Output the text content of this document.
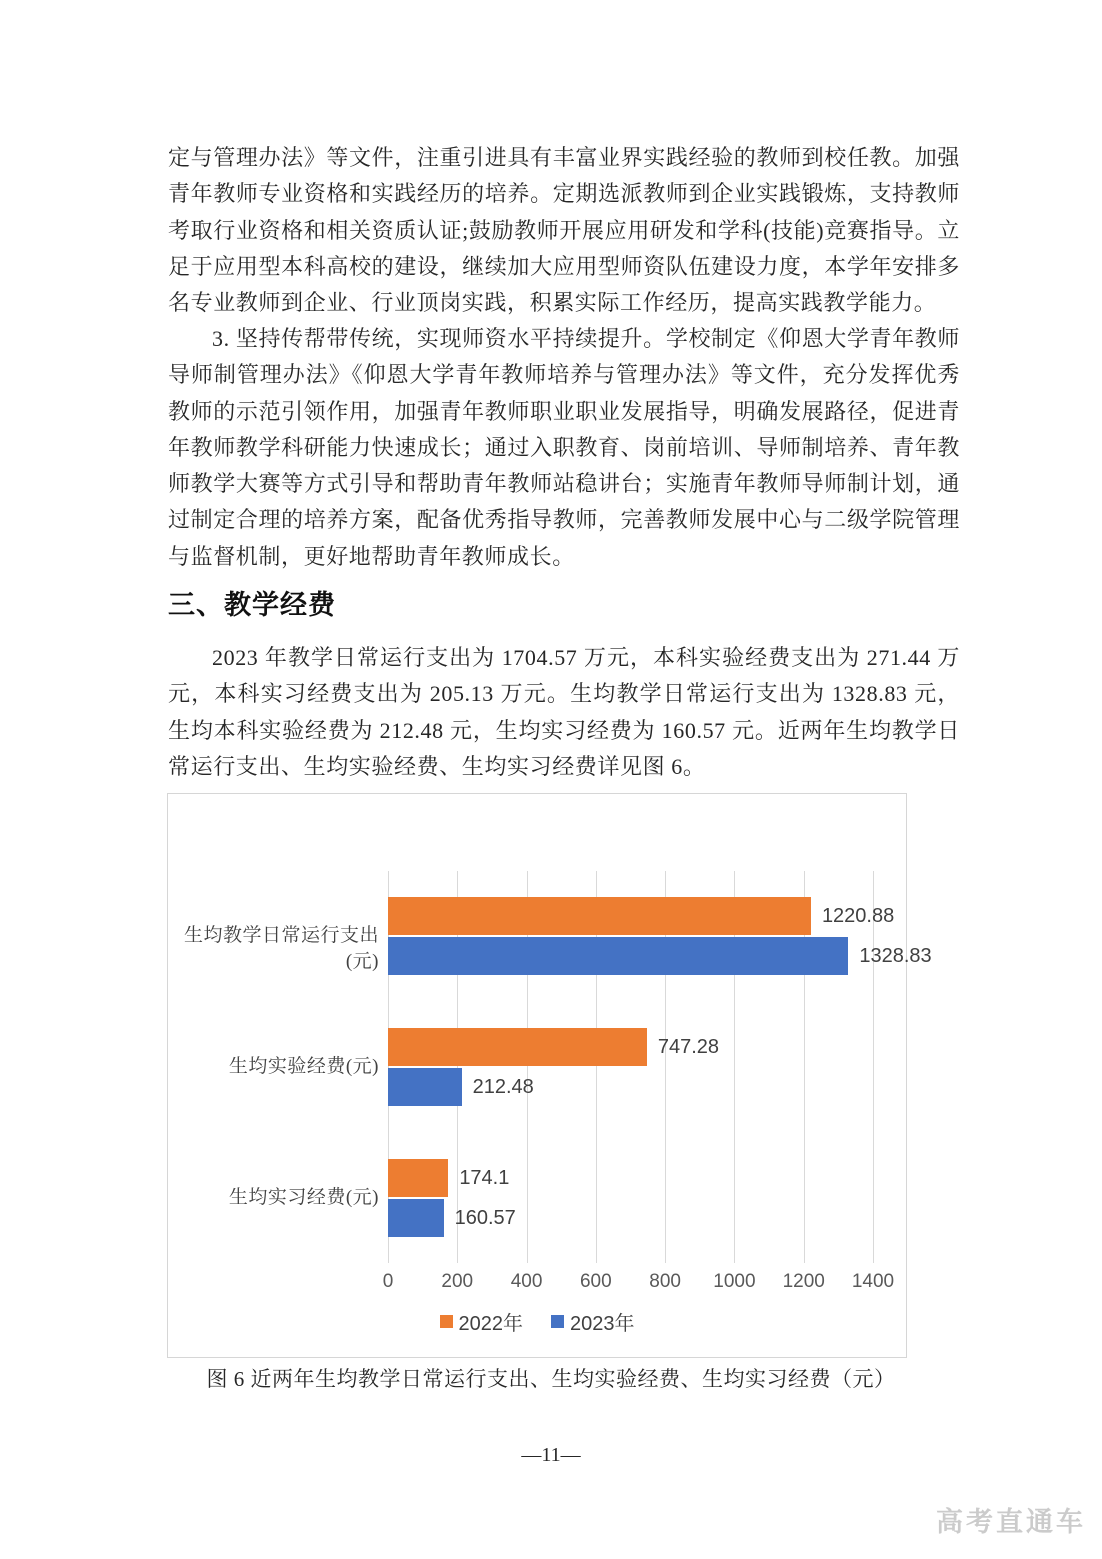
定与管理办法》等文件，注重引进具有丰富业界实践经验的教师到校任教。加强青年教师专业资格和实践经历的培养。定期选派教师到企业实践锻炼，支持教师考取行业资格和相关资质认证;鼓励教师开展应用研发和学科(技能)竞赛指导。立足于应用型本科高校的建设，继续加大应用型师资队伍建设力度，本学年安排多名专业教师到企业、行业顶岗实践，积累实际工作经历，提高实践教学能力。
3. 坚持传帮带传统，实现师资水平持续提升。学校制定《仰恩大学青年教师导师制管理办法》《仰恩大学青年教师培养与管理办法》等文件，充分发挥优秀教师的示范引领作用，加强青年教师职业职业发展指导，明确发展路径，促进青年教师教学科研能力快速成长；通过入职教育、岗前培训、导师制培养、青年教师教学大赛等方式引导和帮助青年教师站稳讲台；实施青年教师导师制计划，通过制定合理的培养方案，配备优秀指导教师，完善教师发展中心与二级学院管理与监督机制，更好地帮助青年教师成长。
三、教学经费
2023 年教学日常运行支出为 1704.57 万元，本科实验经费支出为 271.44 万元，本科实习经费支出为 205.13 万元。生均教学日常运行支出为 1328.83 元，生均本科实验经费为 212.48 元，生均实习经费为 160.57 元。近两年生均教学日常运行支出、生均实验经费、生均实习经费详见图 6。
2022年 2023年
0	200	400	600	800	1000	1200	1400
生均教学日常运行支出(元)
1220.88
1328.83
生均实验经费(元)
747.28
212.48
生均实习经费(元)
174.1
160.57
图 6 近两年生均教学日常运行支出、生均实验经费、生均实习经费（元）
—11—
高考直通车
